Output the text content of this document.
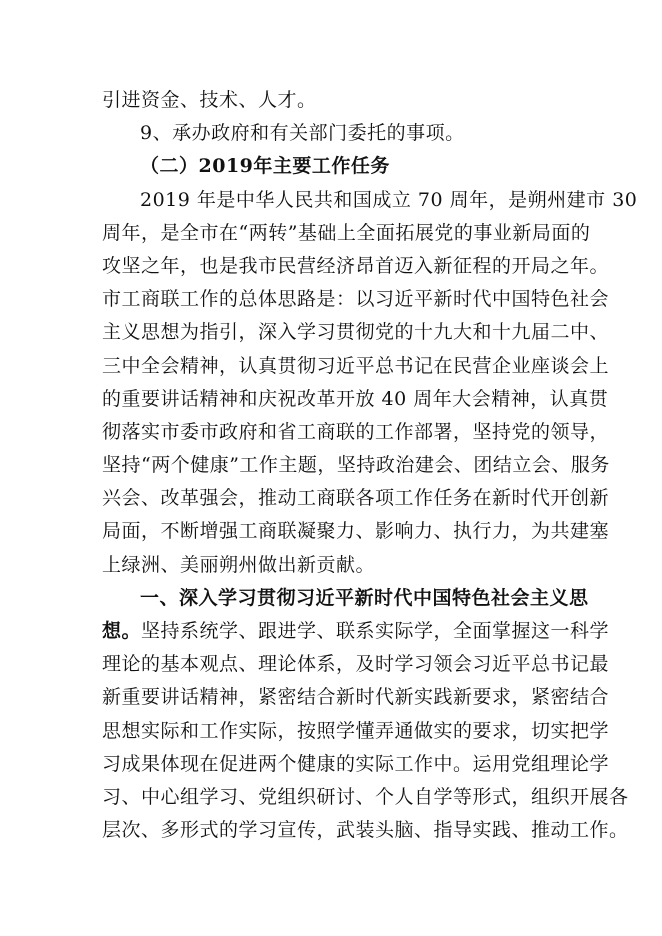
引进资金、技术、人才。
9、承办政府和有关部门委托的事项。
（二）2019年主要工作任务
2019 年是中华人民共和国成立 70 周年，是朔州建市 30
周年，是全市在“两转”基础上全面拓展党的事业新局面的
攻坚之年，也是我市民营经济昂首迈入新征程的开局之年。
市工商联工作的总体思路是：以习近平新时代中国特色社会
主义思想为指引，深入学习贯彻党的十九大和十九届二中、
三中全会精神，认真贯彻习近平总书记在民营企业座谈会上
的重要讲话精神和庆祝改革开放 40 周年大会精神，认真贯
彻落实市委市政府和省工商联的工作部署，坚持党的领导，
坚持“两个健康”工作主题，坚持政治建会、团结立会、服务
兴会、改革强会，推动工商联各项工作任务在新时代开创新
局面，不断增强工商联凝聚力、影响力、执行力，为共建塞
上绿洲、美丽朔州做出新贡献。
一、深入学习贯彻习近平新时代中国特色社会主义思
想。坚持系统学、跟进学、联系实际学，全面掌握这一科学
理论的基本观点、理论体系，及时学习领会习近平总书记最
新重要讲话精神，紧密结合新时代新实践新要求，紧密结合
思想实际和工作实际，按照学懂弄通做实的要求，切实把学
习成果体现在促进两个健康的实际工作中。运用党组理论学
习、中心组学习、党组织研讨、个人自学等形式，组织开展各
层次、多形式的学习宣传，武装头脑、指导实践、推动工作。
